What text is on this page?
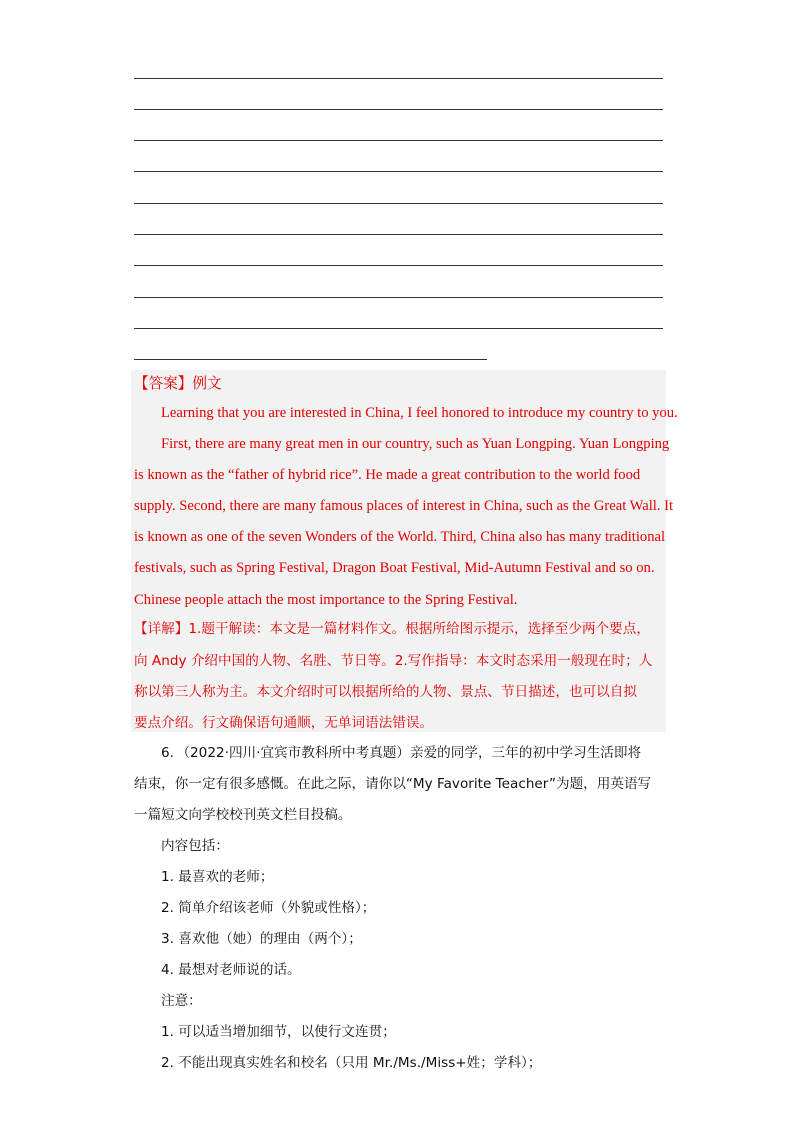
【答案】例文
Learning that you are interested in China, I feel honored to introduce my country to you.
First, there are many great men in our country, such as Yuan Longping. Yuan Longping
is known as the “father of hybrid rice”. He made a great contribution to the world food
supply. Second, there are many famous places of interest in China, such as the Great Wall. It
is known as one of the seven Wonders of the World. Third, China also has many traditional
festivals, such as Spring Festival, Dragon Boat Festival, Mid-Autumn Festival and so on.
Chinese people attach the most importance to the Spring Festival.
【详解】1.题干解读：本文是一篇材料作文。根据所给图示提示，选择至少两个要点，
向 Andy 介绍中国的人物、名胜、节日等。2.写作指导：本文时态采用一般现在时；人
称以第三人称为主。本文介绍时可以根据所给的人物、景点、节日描述，也可以自拟
要点介绍。行文确保语句通顺，无单词语法错误。
6．（2022·四川·宜宾市教科所中考真题）亲爱的同学，三年的初中学习生活即将
结束，你一定有很多感慨。在此之际，请你以“My Favorite Teacher”为题，用英语写
一篇短文向学校校刊英文栏目投稿。
内容包括：
1. 最喜欢的老师；
2. 简单介绍该老师（外貌或性格）；
3. 喜欢他（她）的理由（两个）；
4. 最想对老师说的话。
注意：
1. 可以适当增加细节，以使行文连贯；
2. 不能出现真实姓名和校名（只用 Mr./Ms./Miss+姓；学科）；
